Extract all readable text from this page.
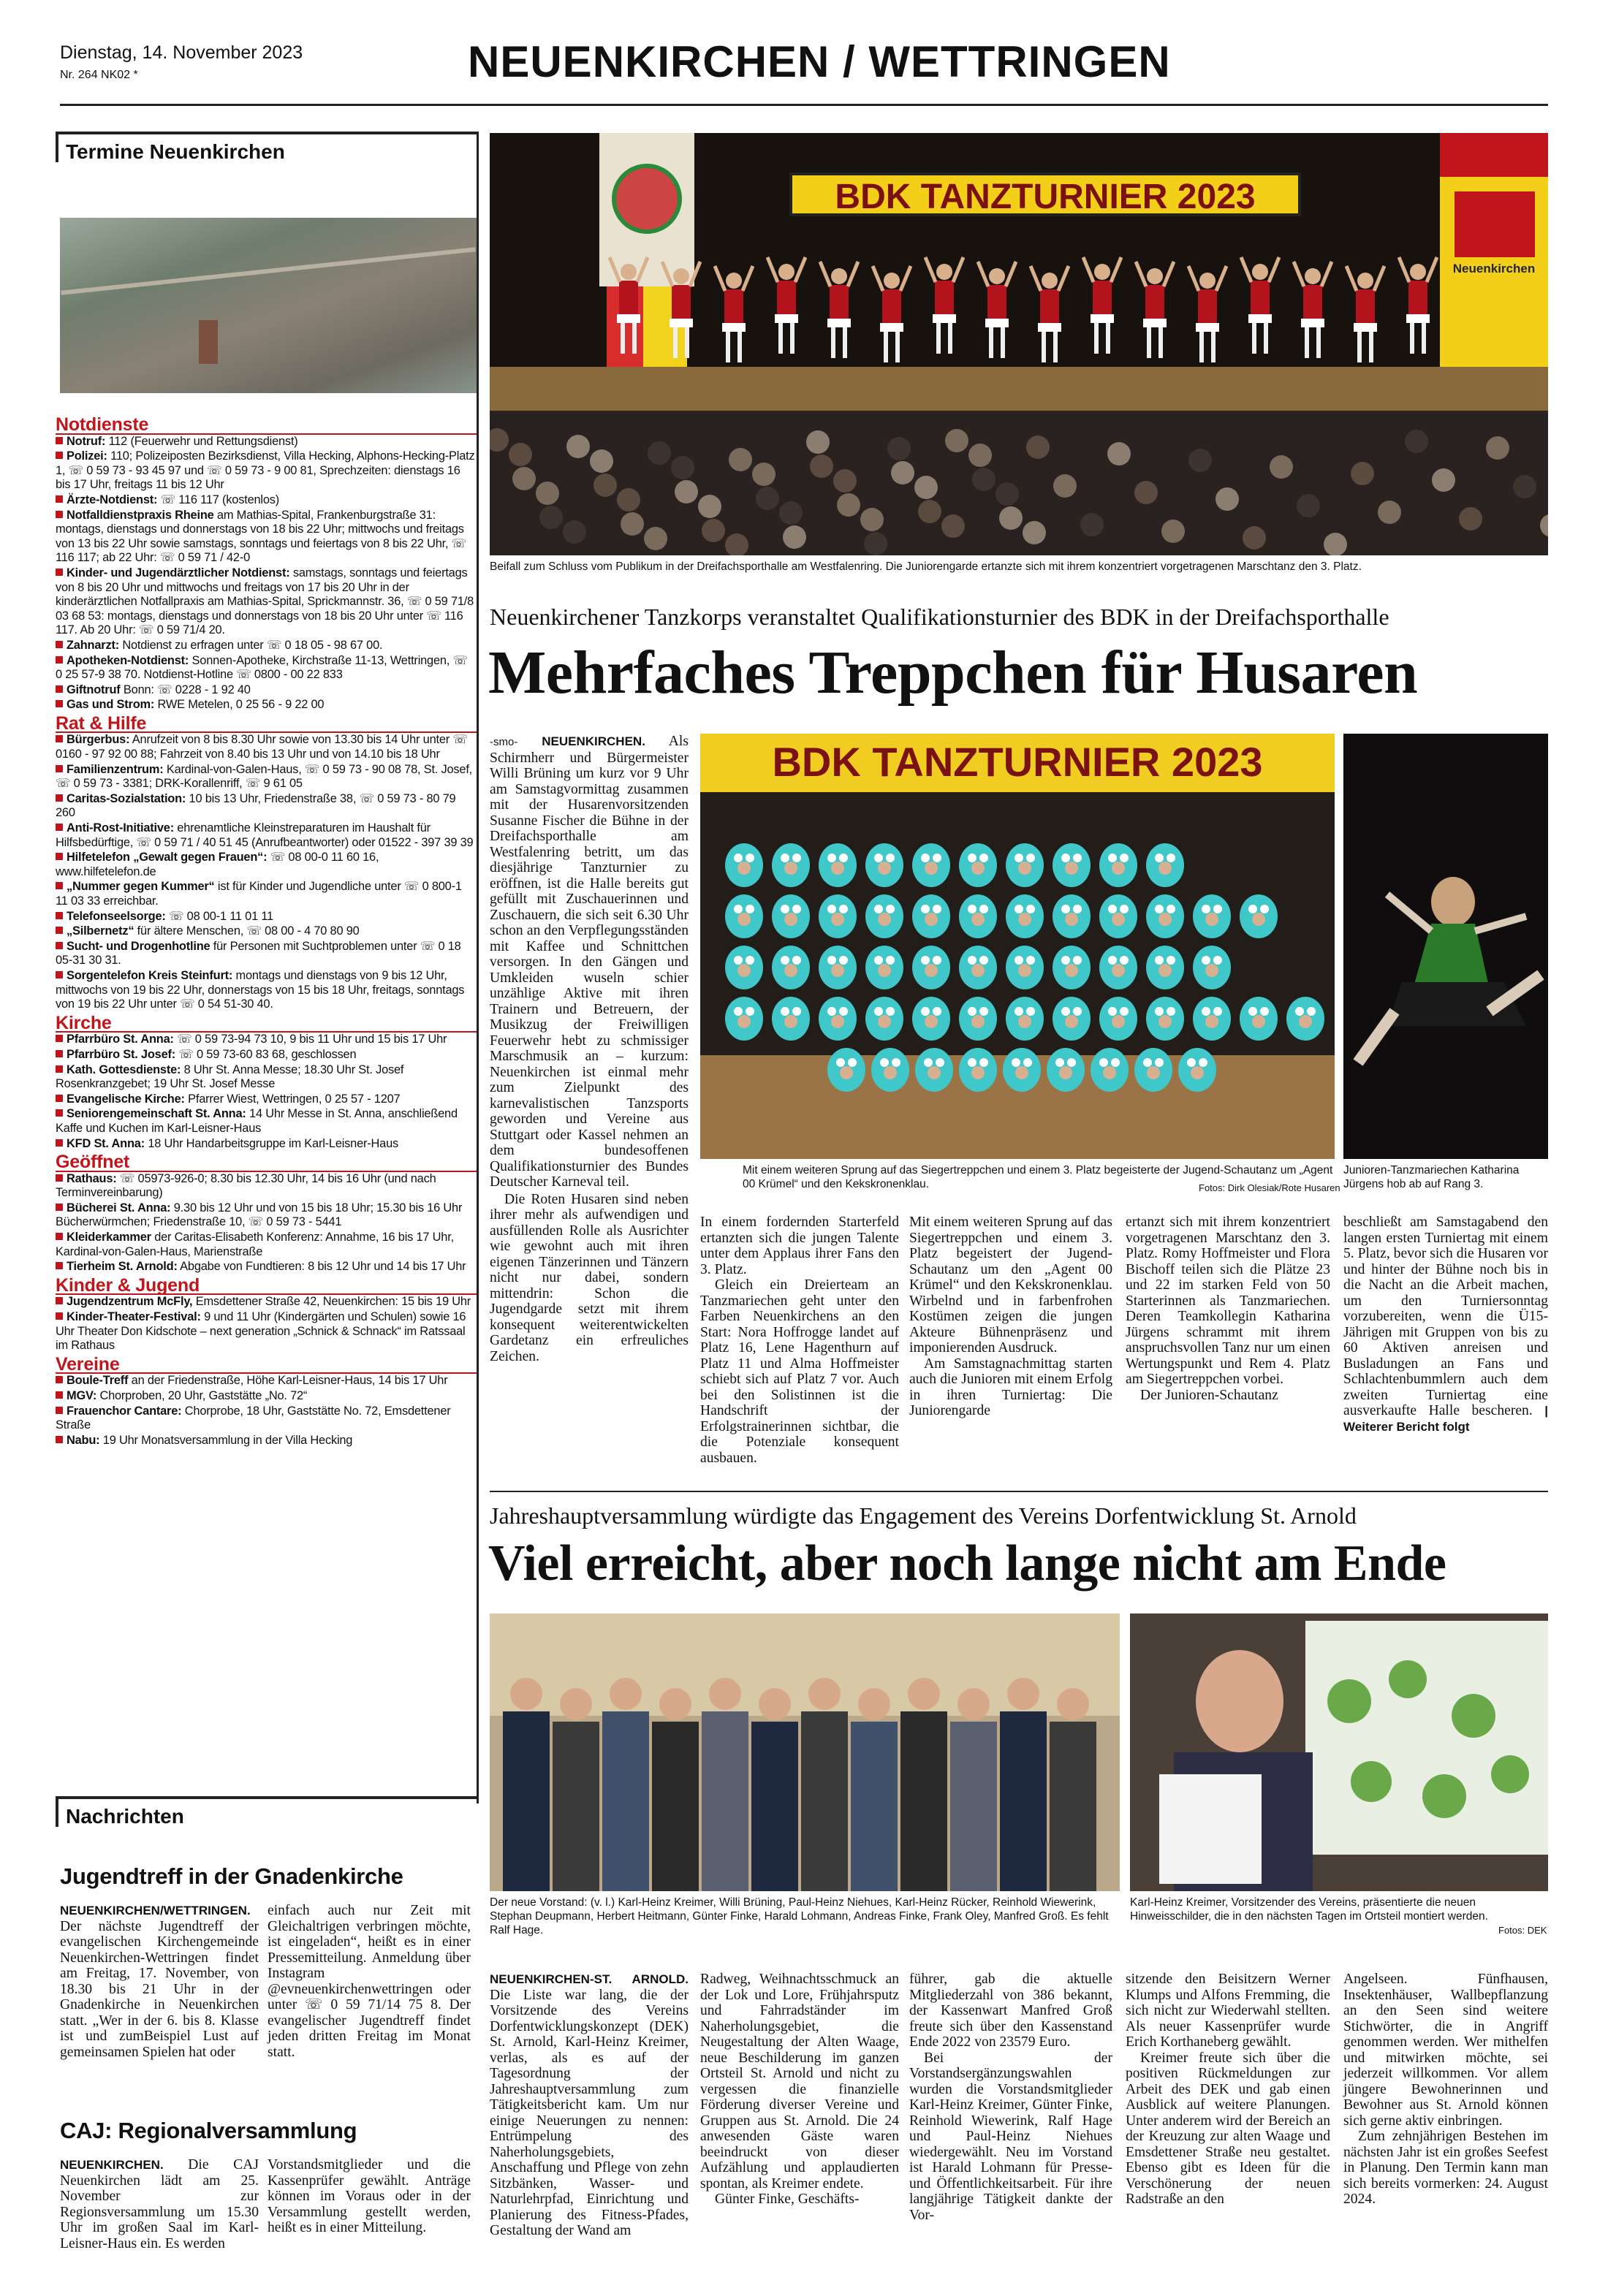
Dienstag, 14. November 2023
Nr. 264 NK02 *	NEUENKIRCHEN / WETTRINGEN
Termine Neuenkirchen
Notdienste

Notruf: 112 (Feuerwehr und Rettungsdienst)

Polizei: 110; Polizeiposten Bezirksdienst, Villa Hecking, Alphons-Hecking-Platz 1, ☏ 0 59 73 - 93 45 97 und ☏ 0 59 73 - 9 00 81, Sprechzeiten: dienstags 16 bis 17 Uhr, freitags 11 bis 12 Uhr

Ärzte-Notdienst: ☏ 116 117 (kostenlos)

Notfalldienstpraxis Rheine am Mathias-Spital, Frankenburgstraße 31: montags, dienstags und donnerstags von 18 bis 22 Uhr; mittwochs und freitags von 13 bis 22 Uhr sowie samstags, sonntags und feiertags von 8 bis 22 Uhr, ☏ 116 117; ab 22 Uhr: ☏ 0 59 71 / 42-0

Kinder- und Jugendärztlicher Notdienst: samstags, sonntags und feiertags von 8 bis 20 Uhr und mittwochs und freitags von 17 bis 20 Uhr in der kinderärztlichen Notfallpraxis am Mathias-Spital, Sprickmannstr. 36, ☏ 0 59 71/8 03 68 53: montags, dienstags und donnerstags von 18 bis 20 Uhr unter ☏ 116 117. Ab 20 Uhr: ☏ 0 59 71/4 20.

Zahnarzt: Notdienst zu erfragen unter ☏ 0 18 05 - 98 67 00.

Apotheken-Notdienst: Sonnen-Apotheke, Kirchstraße 11-13, Wettringen, ☏ 0 25 57-9 38 70. Notdienst-Hotline ☏ 0800 - 00 22 833

Giftnotruf Bonn: ☏ 0228 - 1 92 40

Gas und Strom: RWE Metelen, 0 25 56 - 9 22 00

Rat & Hilfe

Bürgerbus: Anrufzeit von 8 bis 8.30 Uhr sowie von 13.30 bis 14 Uhr unter ☏ 0160 - 97 92 00 88; Fahrzeit von 8.40 bis 13 Uhr und von 14.10 bis 18 Uhr

Familienzentrum: Kardinal-von-Galen-Haus, ☏ 0 59 73 - 90 08 78, St. Josef, ☏ 0 59 73 - 3381; DRK-Korallenriff, ☏ 9 61 05

Caritas-Sozialstation: 10 bis 13 Uhr, Friedenstraße 38, ☏ 0 59 73 - 80 79 260

Anti-Rost-Initiative: ehrenamtliche Kleinstreparaturen im Haushalt für Hilfsbedürftige, ☏ 0 59 71 / 40 51 45 (Anrufbeantworter) oder 01522 - 397 39 39

Hilfetelefon „Gewalt gegen Frauen“: ☏ 08 00-0 11 60 16, www.hilfetelefon.de

„Nummer gegen Kummer“ ist für Kinder und Jugendliche unter ☏ 0 800-1 11 03 33 erreichbar.

Telefonseelsorge: ☏ 08 00-1 11 01 11

„Silbernetz“ für ältere Menschen, ☏ 08 00 - 4 70 80 90

Sucht- und Drogenhotline für Personen mit Suchtproblemen unter ☏ 0 18 05-31 30 31.

Sorgentelefon Kreis Steinfurt: montags und dienstags von 9 bis 12 Uhr, mittwochs von 19 bis 22 Uhr, donnerstags von 15 bis 18 Uhr, freitags, sonntags von 19 bis 22 Uhr unter ☏ 0 54 51-30 40.

Kirche

Pfarrbüro St. Anna: ☏ 0 59 73-94 73 10, 9 bis 11 Uhr und 15 bis 17 Uhr

Pfarrbüro St. Josef: ☏ 0 59 73-60 83 68, geschlossen

Kath. Gottesdienste: 8 Uhr St. Anna Messe; 18.30 Uhr St. Josef Rosenkranzgebet; 19 Uhr St. Josef Messe

Evangelische Kirche: Pfarrer Wiest, Wettringen, 0 25 57 - 1207

Seniorengemeinschaft St. Anna: 14 Uhr Messe in St. Anna, anschließend Kaffe und Kuchen im Karl-Leisner-Haus

KFD St. Anna: 18 Uhr Handarbeitsgruppe im Karl-Leisner-Haus

Geöffnet

Rathaus: ☏ 05973-926-0; 8.30 bis 12.30 Uhr, 14 bis 16 Uhr (und nach Terminvereinbarung)

Bücherei St. Anna: 9.30 bis 12 Uhr und von 15 bis 18 Uhr; 15.30 bis 16 Uhr Bücherwürmchen; Friedenstraße 10, ☏ 0 59 73 - 5441

Kleiderkammer der Caritas-Elisabeth Konferenz: Annahme, 16 bis 17 Uhr, Kardinal-von-Galen-Haus, Marienstraße

Tierheim St. Arnold: Abgabe von Fundtieren: 8 bis 12 Uhr und 14 bis 17 Uhr

Kinder & Jugend

Jugendzentrum McFly, Emsdettener Straße 42, Neuenkirchen: 15 bis 19 Uhr

Kinder-Theater-Festival: 9 und 11 Uhr (Kindergärten und Schulen) sowie 16 Uhr Theater Don Kidschote – next generation „Schnick & Schnack“ im Ratssaal im Rathaus

Vereine

Boule-Treff an der Friedenstraße, Höhe Karl-Leisner-Haus, 14 bis 17 Uhr

MGV: Chorproben, 20 Uhr, Gaststätte „No. 72“

Frauenchor Cantare: Chorprobe, 18 Uhr, Gaststätte No. 72, Emsdettener Straße

Nabu: 19 Uhr Monatsversammlung in der Villa Hecking

Nachrichten
Jugendtreff in der Gnadenkirche
NEUENKIRCHEN/WETTRINGEN. Der nächste Jugendtreff der evangelischen Kirchengemeinde Neuenkirchen-Wettringen findet am Freitag, 17. November, von 18.30 bis 21 Uhr in der Gnadenkirche in Neuenkirchen statt. „Wer in der 6. bis 8. Klasse ist und zumBeispiel Lust auf gemeinsamen Spielen hat oder
einfach auch nur Zeit mit Gleichaltrigen verbringen möchte, ist eingeladen“, heißt es in einer Pressemitteilung. Anmeldung über Instagram @evneuenkirchenwettringen oder unter ☏ 0 59 71/14 75 8. Der evangelischer Jugendtreff findet jeden dritten Freitag im Monat statt.
CAJ: Regionalversammlung
NEUENKIRCHEN. Die CAJ Neuenkirchen lädt am 25. November zur Regionsversammlung um 15.30 Uhr im großen Saal im Karl-Leisner-Haus ein. Es werden
Vorstandsmitglieder und die Kassenprüfer gewählt. Anträge können im Voraus oder in der Versammlung gestellt werden, heißt es in einer Mitteilung.
BDK TANZTURNIER 2023
Neuenkirchen
Beifall zum Schluss vom Publikum in der Dreifachsporthalle am Westfalenring. Die Juniorengarde ertanzte sich mit ihrem konzentriert vorgetragenen Marschtanz den 3. Platz.
Neuenkirchener Tanzkorps veranstaltet Qualifikationsturnier des BDK in der Dreifachsporthalle
Mehrfaches Treppchen für Husaren
-smo- NEUENKIRCHEN. Als Schirmherr und Bürgermeister Willi Brüning um kurz vor 9 Uhr am Samstagvormittag zusammen mit der Husarenvorsitzenden Susanne Fischer die Bühne in der Dreifachsporthalle am Westfalenring betritt, um das diesjährige Tanzturnier zu eröffnen, ist die Halle bereits gut gefüllt mit Zuschauerinnen und Zuschauern, die sich seit 6.30 Uhr schon an den Verpflegungsständen mit Kaffee und Schnittchen versorgen. In den Gängen und Umkleiden wuseln schier unzählige Aktive mit ihren Trainern und Betreuern, der Musikzug der Freiwilligen Feuerwehr hebt zu schmissiger Marschmusik an – kurzum: Neuenkirchen ist einmal mehr zum Zielpunkt des karnevalistischen Tanzsports geworden und Vereine aus Stuttgart oder Kassel nehmen an dem bundesoffenen Qualifikationsturnier des Bundes Deutscher Karneval teil.

Die Roten Husaren sind neben ihrer mehr als aufwendigen und ausfüllenden Rolle als Ausrichter wie gewohnt auch mit ihren eigenen Tänzerinnen und Tänzern nicht nur dabei, sondern mittendrin: Schon die Jugendgarde setzt mit ihrem konsequent weiterentwickelten Gardetanz ein erfreuliches Zeichen.

BDK TANZTURNIER 2023
Mit einem weiteren Sprung auf das Siegertreppchen und einem 3. Platz begeisterte der Jugend-Schautanz um „Agent 00 Krümel“ und den Kekskronenklau.	Fotos: Dirk Olesiak/Rote Husaren
Junioren-Tanzmariechen Katharina Jürgens hob ab auf Rang 3.
In einem fordernden Starterfeld ertanzten sich die jungen Talente unter dem Applaus ihrer Fans den 3. Platz.

Gleich ein Dreierteam an Tanzmariechen geht unter den Farben Neuenkirchens an den Start: Nora Hoffrogge landet auf Platz 16, Lene Hagenthurn auf Platz 11 und Alma Hoffmeister schiebt sich auf Platz 7 vor. Auch bei den Solistinnen ist die Handschrift der Erfolgstrainerinnen sichtbar, die die Potenziale konsequent ausbauen.

Mit einem weiteren Sprung auf das Siegertreppchen und einem 3. Platz begeistert der Jugend-Schautanz um den „Agent 00 Krümel“ und den Kekskronenklau. Wirbelnd und in farbenfrohen Kostümen zeigen die jungen Akteure Bühnenpräsenz und imponierenden Ausdruck.

Am Samstagnachmittag starten auch die Junioren mit einem Erfolg in ihren Turniertag: Die Juniorengarde

ertanzt sich mit ihrem konzentriert vorgetragenen Marschtanz den 3. Platz. Romy Hoffmeister und Flora Bischoff teilen sich die Plätze 23 und 22 im starken Feld von 50 Starterinnen als Tanzmariechen. Deren Teamkollegin Katharina Jürgens schrammt mit ihrem anspruchsvollen Tanz nur um einen Wertungspunkt und Rem 4. Platz am Siegertreppchen vorbei.

Der Junioren-Schautanz

beschließt am Samstagabend den langen ersten Turniertag mit einem 5. Platz, bevor sich die Husaren vor und hinter der Bühne noch bis in die Nacht an die Arbeit machen, um den Turniersonntag vorzubereiten, wenn die Ü15-Jährigen mit Gruppen von bis zu 60 Aktiven anreisen und Busladungen an Fans und Schlachtenbummlern auch dem zweiten Turniertag eine ausverkaufte Halle bescheren. | Weiterer Bericht folgt
Jahreshauptversammlung würdigte das Engagement des Vereins Dorfentwicklung St. Arnold
Viel erreicht, aber noch lange nicht am Ende
Der neue Vorstand: (v. l.) Karl-Heinz Kreimer, Willi Brüning, Paul-Heinz Niehues, Karl-Heinz Rücker, Reinhold Wiewerink, Stephan Deupmann, Herbert Heitmann, Günter Finke, Harald Lohmann, Andreas Finke, Frank Oley, Manfred Groß. Es fehlt Ralf Hage.
Karl-Heinz Kreimer, Vorsitzender des Vereins, präsentierte die neuen Hinweisschilder, die in den nächsten Tagen im Ortsteil montiert werden.
Fotos: DEK
NEUENKIRCHEN-ST. ARNOLD. Die Liste war lang, die der Vorsitzende des Vereins Dorfentwicklungskonzept (DEK) St. Arnold, Karl-Heinz Kreimer, verlas, als es auf der Tagesordnung der Jahreshauptversammlung zum Tätigkeitsbericht kam. Um nur einige Neuerungen zu nennen: Entrümpelung des Naherholungsgebiets, Anschaffung und Pflege von zehn Sitzbänken, Wasser- und Naturlehrpfad, Einrichtung und Planierung des Fitness-Pfades, Gestaltung der Wand am
Radweg, Weihnachtsschmuck an der Lok und Lore, Frühjahrsputz und Fahrradständer im Naherholungsgebiet, die Neugestaltung der Alten Waage, neue Beschilderung im ganzen Ortsteil St. Arnold und nicht zu vergessen die finanzielle Förderung diverser Vereine und Gruppen aus St. Arnold. Die 24 anwesenden Gäste waren beeindruckt von dieser Aufzählung und applaudierten spontan, als Kreimer endete.

Günter Finke, Geschäfts-

führer, gab die aktuelle Mitgliederzahl von 386 bekannt, der Kassenwart Manfred Groß freute sich über den Kassenstand Ende 2022 von 23579 Euro.

Bei der Vorstandsergänzungswahlen wurden die Vorstandsmitglieder Karl-Heinz Kreimer, Günter Finke, Reinhold Wiewerink, Ralf Hage und Paul-Heinz Niehues wiedergewählt. Neu im Vorstand ist Harald Lohmann für Presse- und Öffentlichkeitsarbeit. Für ihre langjährige Tätigkeit dankte der Vor-

sitzende den Beisitzern Werner Klumps und Alfons Fremming, die sich nicht zur Wiederwahl stellten. Als neuer Kassenprüfer wurde Erich Korthaneberg gewählt.

Kreimer freute sich über die positiven Rückmeldungen zur Arbeit des DEK und gab einen Ausblick auf weitere Planungen. Unter anderem wird der Bereich an der Kreuzung zur alten Waage und Emsdettener Straße neu gestaltet. Ebenso gibt es Ideen für die Verschönerung der neuen Radstraße an den

Angelseen. Fünfhausen, Insektenhäuser, Wallbepflanzung an den Seen sind weitere Stichwörter, die in Angriff genommen werden. Wer mithelfen und mitwirken möchte, sei jederzeit willkommen. Vor allem jüngere Bewohnerinnen und Bewohner aus St. Arnold können sich gerne aktiv einbringen.

Zum zehnjährigen Bestehen im nächsten Jahr ist ein großes Seefest in Planung. Den Termin kann man sich bereits vormerken: 24. August 2024.
